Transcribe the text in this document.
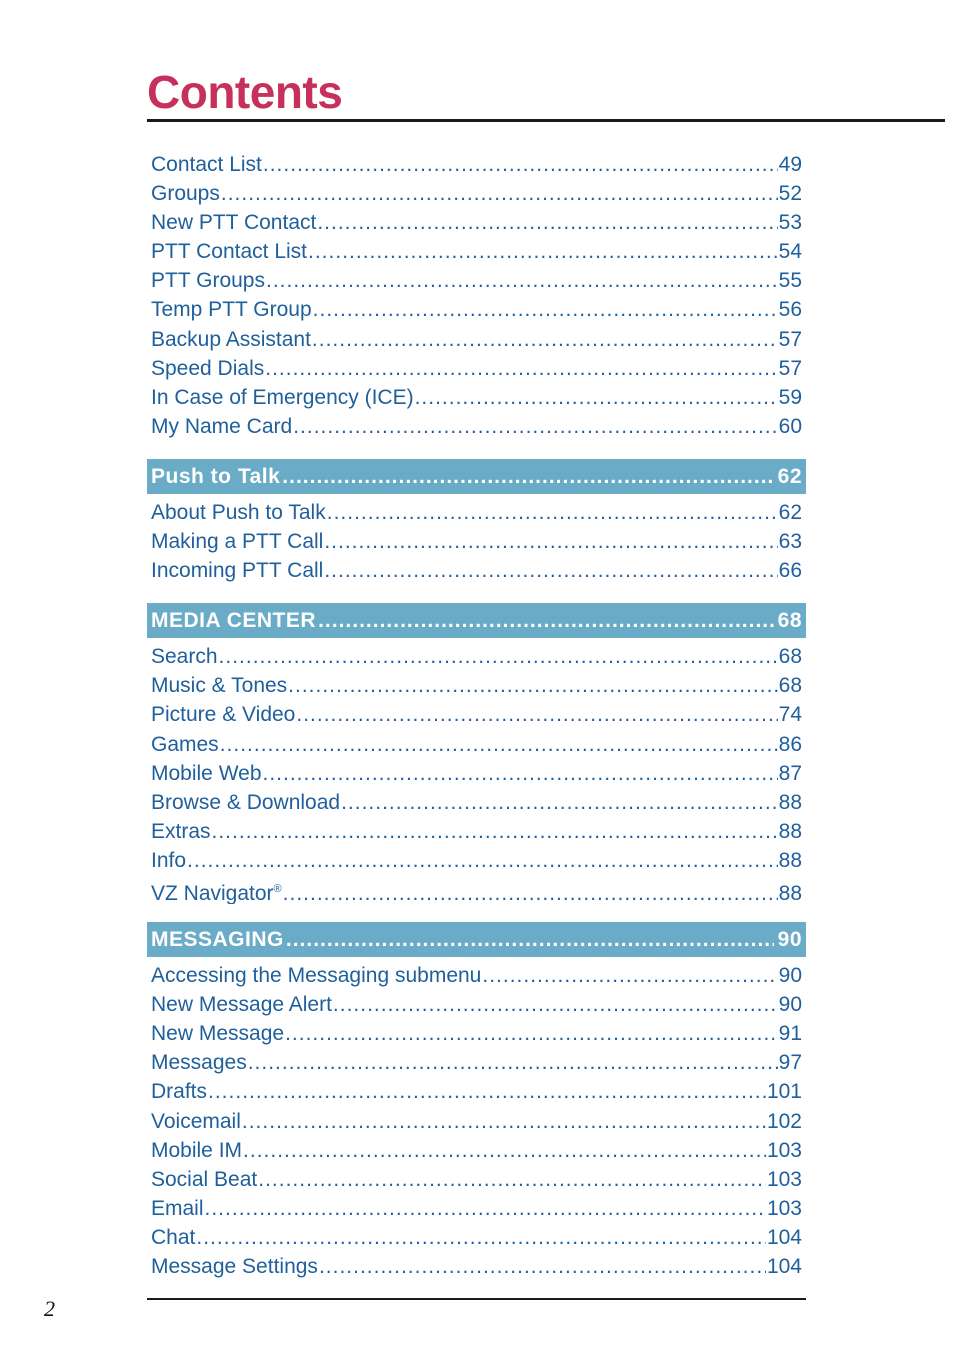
Contents
Contact List .....	49
Groups .....	52
New PTT Contact .....	53
PTT Contact List .....	54
PTT Groups .....	55
Temp PTT Group .....	56
Backup Assistant .....	57
Speed Dials .....	57
In Case of Emergency (ICE) .....	59
My Name Card .....	60
Push to Talk .....	62
About Push to Talk .....	62
Making a PTT Call .....	63
Incoming PTT Call .....	66
MEDIA CENTER .....	68
Search .....	68
Music & Tones .....	68
Picture & Video .....	74
Games .....	86
Mobile Web .....	87
Browse & Download .....	88
Extras .....	88
Info .....	88
VZ Navigator® .....	88
MESSAGING .....	90
Accessing the Messaging submenu .....	90
New Message Alert .....	90
New Message .....	91
Messages .....	97
Drafts .....	101
Voicemail .....	102
Mobile IM .....	103
Social Beat .....	103
Email .....	103
Chat .....	104
Message Settings .....	104
2
